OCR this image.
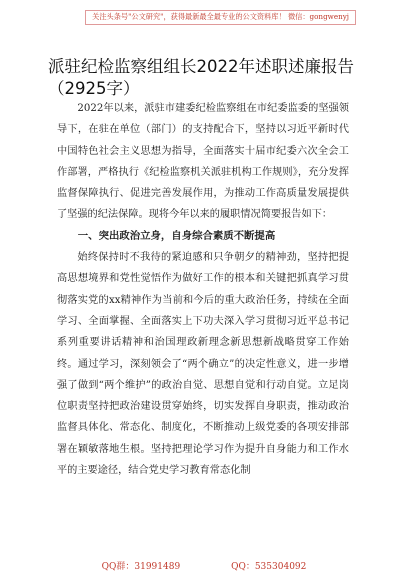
关注头条号"公文研究"，获得最新最全最专业的公文资料库！ 微信：gongwenyj
派驻纪检监察组组长2022年述职述廉报告（2925字）

2022年以来，派驻市建委纪检监察组在市纪委监委的坚强领导下，在驻在单位（部门）的支持配合下，坚持以习近平新时代中国特色社会主义思想为指导，全面落实十届市纪委六次全会工作部署，严格执行《纪检监察机关派驻机构工作规则》，充分发挥监督保障执行、促进完善发展作用，为推动工作高质量发展提供了坚强的纪法保障。现将今年以来的履职情况简要报告如下：

一、突出政治立身，自身综合素质不断提高

始终保持时不我待的紧迫感和只争朝夕的精神劲，坚持把提高思想境界和党性觉悟作为做好工作的根本和关键把抓真学习贯彻落实党的xx精神作为当前和今后的重大政治任务，持续在全面学习、全面掌握、全面落实上下功夫深入学习贯彻习近平总书记系列重要讲话精神和治国理政新理念新思想新战略贯穿工作始终。通过学习，深刻领会了“两个确立”的决定性意义，进一步增强了做到“两个维护”的政治自觉、思想自觉和行动自觉。立足岗位职责坚持把政治建设贯穿始终，切实发挥自身职责，推动政治监督具体化、常态化、制度化，不断推动上级党委的各项安排部署在颖敏落地生根。坚持把理论学习作为提升自身能力和工作水平的主要途径，结合党史学习教育常态化制

QQ群：31991489	QQ：535304092
